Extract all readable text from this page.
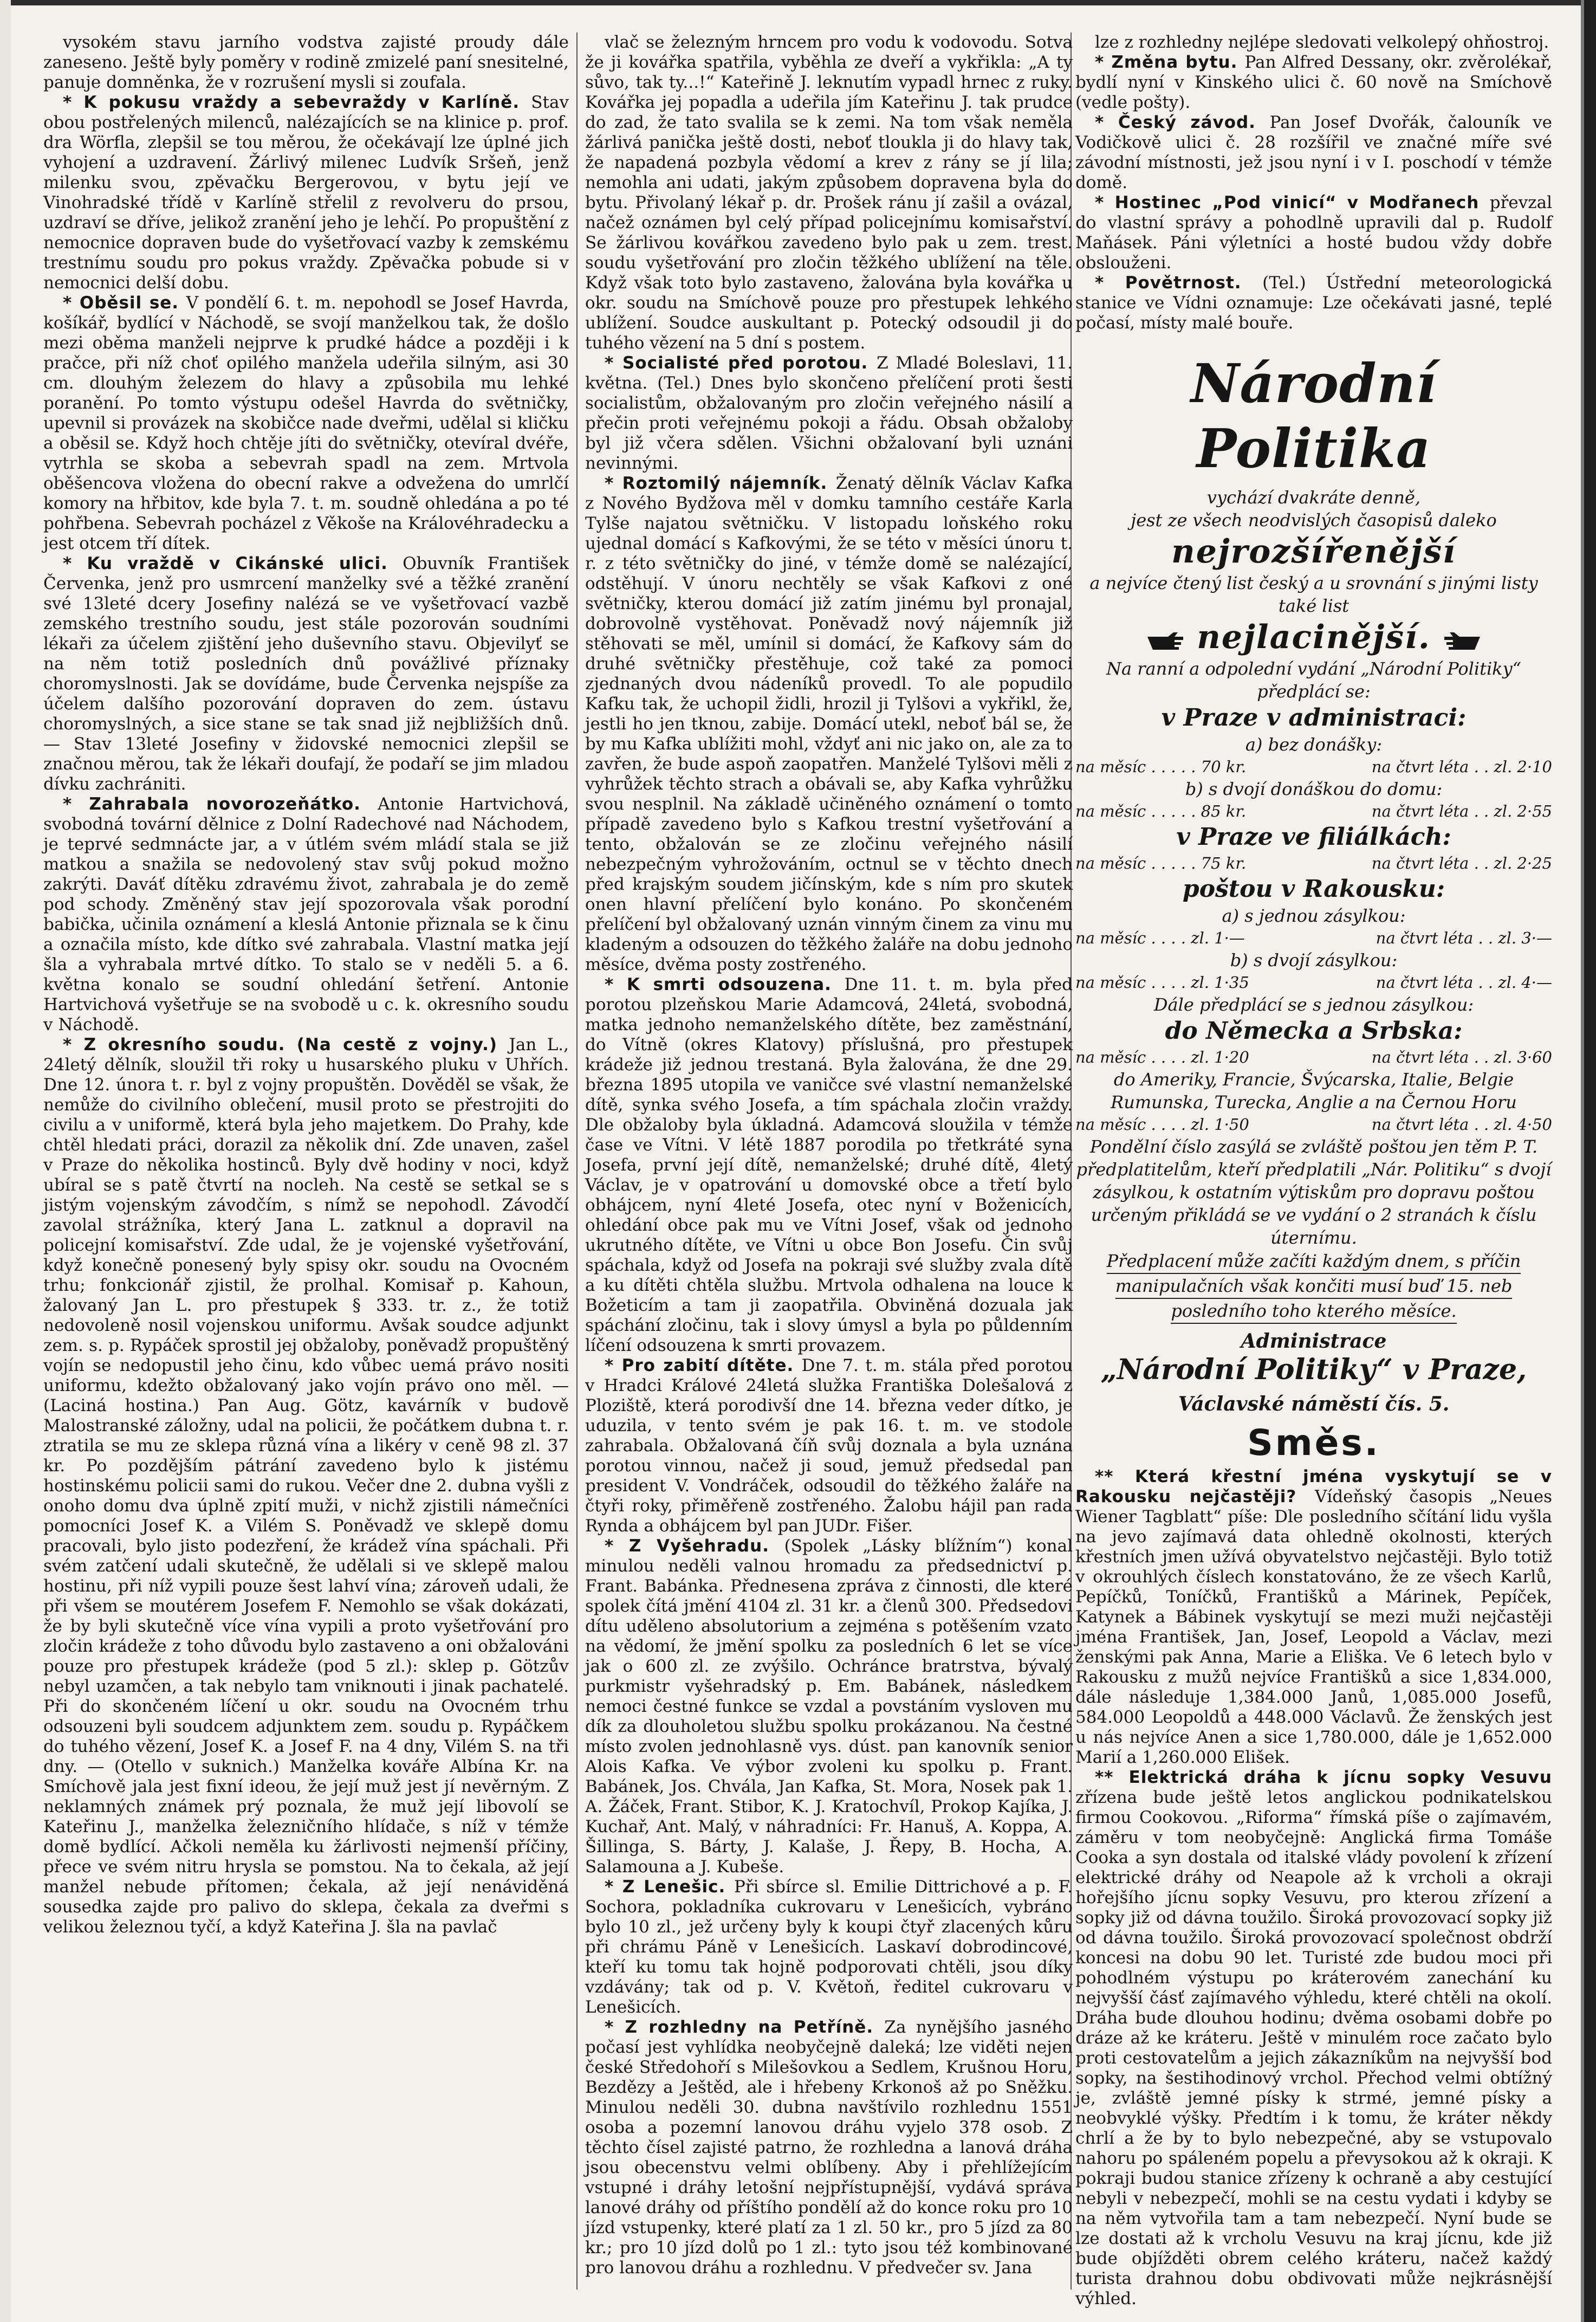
vysokém stavu jarního vodstva zajisté proudy dále zaneseno. Ještě byly poměry v rodině zmizelé paní snesitelné, panuje domněnka, že v rozrušení mysli si zoufala.

* K pokusu vraždy a sebevraždy v Karlíně. Stav obou postřelených milenců, nalézajících se na klinice p. prof. dra Wörfla, zlepšil se tou měrou, že očekávají lze úplné jich vyhojení a uzdravení. Žárlivý milenec Ludvík Sršeň, jenž milenku svou, zpěvačku Bergerovou, v bytu její ve Vinohradské třídě v Karlíně střelil z revolveru do prsou, uzdraví se dříve, jelikož zranění jeho je lehčí. Po propuštění z nemocnice dopraven bude do vyšetřovací vazby k zemskému trestnímu soudu pro pokus vraždy. Zpěvačka pobude si v nemocnici delší dobu.

* Oběsil se. V pondělí 6. t. m. nepohodl se Josef Havrda, košíkář, bydlící v Náchodě, se svojí manželkou tak, že došlo mezi oběma manželi nejprve k prudké hádce a později i k pračce, při níž choť opilého manžela udeřila silným, asi 30 cm. dlouhým železem do hlavy a způsobila mu lehké poranění. Po tomto výstupu odešel Havrda do světničky, upevnil si provázek na skobičce nade dveřmi, udělal si kličku a oběsil se. Když hoch chtěje jíti do světničky, otevíral dvéře, vytrhla se skoba a sebevrah spadl na zem. Mrtvola oběšencova vložena do obecní rakve a odvežena do umrlčí komory na hřbitov, kde byla 7. t. m. soudně ohledána a po té pohřbena. Sebevrah pocházel z Věkoše na Královéhradecku a jest otcem tří dítek.

* Ku vraždě v Cikánské ulici. Obuvník František Červenka, jenž pro usmrcení manželky své a těžké zranění své 13leté dcery Josefiny nalézá se ve vyšetřovací vazbě zemského trestního soudu, jest stále pozorován soudními lékaři za účelem zjištění jeho duševního stavu. Objevilyť se na něm totiž posledních dnů povážlivé příznaky choromyslnosti. Jak se dovídáme, bude Červenka nejspíše za účelem dalšího pozorování dopraven do zem. ústavu choromyslných, a sice stane se tak snad již nejbližších dnů. — Stav 13leté Josefiny v židovské nemocnici zlepšil se značnou měrou, tak že lékaři doufají, že podaří se jim mladou dívku zachrániti.

* Zahrabala novorozeňátko. Antonie Hartvichová, svobodná tovární dělnice z Dolní Radechové nad Náchodem, je teprvé sedmnácte jar, a v útlém svém mládí stala se již matkou a snažila se nedovolený stav svůj pokud možno zakrýti. Daváť dítěku zdravému život, zahrabala je do země pod schody. Změněný stav její spozorovala však porodní babička, učinila oznámení a kleslá Antonie přiznala se k činu a označila místo, kde dítko své zahrabala. Vlastní matka její šla a vyhrabala mrtvé dítko. To stalo se v neděli 5. a 6. května konalo se soudní ohledání šetření. Antonie Hartvichová vyšetřuje se na svobodě u c. k. okresního soudu v Náchodě.

* Z okresního soudu. (Na cestě z vojny.) Jan L., 24letý dělník, sloužil tři roky u husarského pluku v Uhřích. Dne 12. února t. r. byl z vojny propuštěn. Dověděl se však, že nemůže do civilního oblečení, musil proto se přestrojiti do civilu a v uniformě, která byla jeho majetkem. Do Prahy, kde chtěl hledati práci, dorazil za několik dní. Zde unaven, zašel v Praze do několika hostinců. Byly dvě hodiny v noci, když ubíral se s patě čtvrtí na nocleh. Na cestě se setkal se s jistým vojenským závodčím, s nímž se nepohodl. Závodčí zavolal strážníka, který Jana L. zatknul a dopravil na policejní komisařství. Zde udal, že je vojenské vyšetřování, když konečně ponesený byly spisy okr. soudu na Ovocném trhu; fonkcionář zjistil, že prolhal. Komisař p. Kahoun, žalovaný Jan L. pro přestupek § 333. tr. z., že totiž nedovoleně nosil vojenskou uniformu. Avšak soudce adjunkt zem. s. p. Rypáček sprostil jej obžaloby, poněvadž propuštěný vojín se nedopustil jeho činu, kdo vůbec uemá právo nositi uniformu, kdežto obžalovaný jako vojín právo ono měl. — (Laciná hostina.) Pan Aug. Götz, kavárník v budově Malostranské záložny, udal na policii, že počátkem dubna t. r. ztratila se mu ze sklepa různá vína a likéry v ceně 98 zl. 37 kr. Po pozdějším pátrání zavedeno bylo k jistému hostinskému policii sami do rukou. Večer dne 2. dubna vyšli z onoho domu dva úplně zpití muži, v nichž zjistili námečníci pomocníci Josef K. a Vilém S. Poněvadž ve sklepě domu pracovali, bylo jisto podezření, že krádež vína spáchali. Při svém zatčení udali skutečně, že udělali si ve sklepě malou hostinu, při níž vypili pouze šest lahví vína; zároveň udali, že při všem se moutérem Josefem F. Nemohlo se však dokázati, že by byli skutečně více vína vypili a proto vyšetřování pro zločin krádeže z toho důvodu bylo zastaveno a oni obžalováni pouze pro přestupek krádeže (pod 5 zl.): sklep p. Götzův nebyl uzamčen, a tak nebylo tam vniknouti i jinak pachatelé. Při do skončeném líčení u okr. soudu na Ovocném trhu odsouzeni byli soudcem adjunktem zem. soudu p. Rypáčkem do tuhého vězení, Josef K. a Josef F. na 4 dny, Vilém S. na tři dny. — (Otello v suknich.) Manželka kováře Albína Kr. na Smíchově jala jest fixní ideou, že její muž jest jí nevěrným. Z neklamných známek prý poznala, že muž její libovolí se Kateřinu J., manželka železničního hlídače, s níž v témže domě bydlící. Ačkoli neměla ku žárlivosti nejmenší příčiny, přece ve svém nitru hrysla se pomstou. Na to čekala, až její manžel nebude přítomen; čekala, až její nenáviděná sousedka zajde pro palivo do sklepa, čekala za dveřmi s velikou železnou tyčí, a když Kateřina J. šla na pavlač

vlač se železným hrncem pro vodu k vodovodu. Sotva že ji kovářka spatřila, vyběhla ze dveří a vykřikla: „A ty sůvo, tak ty...!“ Kateřině J. leknutím vypadl hrnec z ruky. Kovářka jej popadla a udeřila jím Kateřinu J. tak prudce do zad, že tato svalila se k zemi. Na tom však neměla žárlivá panička ještě dosti, neboť tloukla ji do hlavy tak, že napadená pozbyla vědomí a krev z rány se jí lila; nemohla ani udati, jakým způsobem dopravena byla do bytu. Přivolaný lékař p. dr. Prošek ránu jí zašil a ovázal, načež oznámen byl celý případ policejnímu komisařství. Se žárlivou kovářkou zavedeno bylo pak u zem. trest. soudu vyšetřování pro zločin těžkého ublížení na těle. Když však toto bylo zastaveno, žalována byla kovářka u okr. soudu na Smíchově pouze pro přestupek lehkého ublížení. Soudce auskultant p. Potecký odsoudil ji do tuhého vězení na 5 dní s postem.

* Socialisté před porotou. Z Mladé Boleslavi, 11. května. (Tel.) Dnes bylo skončeno přelíčení proti šesti socialistům, obžalovaným pro zločin veřejného násilí a přečin proti veřejnému pokoji a řádu. Obsah obžaloby byl již včera sdělen. Všichni obžalovaní byli uznáni nevinnými.

* Roztomilý nájemník. Ženatý dělník Václav Kafka z Nového Bydžova měl v domku tamního cestáře Karla Tylše najatou světničku. V listopadu loňského roku ujednal domácí s Kafkovými, že se této v měsíci únoru t. r. z této světničky do jiné, v témže domě se nalézající, odstěhují. V únoru nechtěly se však Kafkovi z oné světničky, kterou domácí již zatím jinému byl pronajal, dobrovolně vystěhovat. Poněvadž nový nájemník již stěhovati se měl, umínil si domácí, že Kafkovy sám do druhé světničky přestěhuje, což také za pomoci zjednaných dvou nádeníků provedl. To ale popudilo Kafku tak, že uchopil židli, hrozil ji Tylšovi a vykřikl, že, jestli ho jen tknou, zabije. Domácí utekl, neboť bál se, že by mu Kafka ublížiti mohl, vždyť ani nic jako on, ale za to zavřen, že bude aspoň zaopatřen. Manželé Tylšovi měli z vyhrůžek těchto strach a obávali se, aby Kafka vyhrůžku svou nesplnil. Na základě učiněného oznámení o tomto případě zavedeno bylo s Kafkou trestní vyšetřování a tento, obžalován se ze zločinu veřejného násilí nebezpečným vyhrožováním, octnul se v těchto dnech před krajským soudem jičínským, kde s ním pro skutek onen hlavní přelíčení bylo konáno. Po skončeném přelíčení byl obžalovaný uznán vinným činem za vinu mu kladeným a odsouzen do těžkého žaláře na dobu jednoho měsíce, dvěma posty zostřeného.

* K smrti odsouzena. Dne 11. t. m. byla před porotou plzeňskou Marie Adamcová, 24letá, svobodná, matka jednoho nemanželského dítěte, bez zaměstnání, do Vítně (okres Klatovy) příslušná, pro přestupek krádeže již jednou trestaná. Byla žalována, že dne 29. března 1895 utopila ve vaničce své vlastní nemanželské dítě, synka svého Josefa, a tím spáchala zločin vraždy. Dle obžaloby byla úkladná. Adamcová sloužila v témže čase ve Vítni. V létě 1887 porodila po třetkráté syna Josefa, první její dítě, nemanželské; druhé dítě, 4letý Václav, je v opatrování u domovské obce a třetí bylo obhájcem, nyní 4leté Josefa, otec nyní v Boženicích, ohledání obce pak mu ve Vítni Josef, však od jednoho ukrutného dítěte, ve Vítni u obce Bon Josefu. Čin svůj spáchala, když od Josefa na pokraji své služby zvala dítě a ku dítěti chtěla službu. Mrtvola odhalena na louce k Božeticím a tam ji zaopatřila. Obviněná dozuala jak spáchání zločinu, tak i slovy úmysl a byla po půldenním líčení odsouzena k smrti provazem.

* Pro zabití dítěte. Dne 7. t. m. stála před porotou v Hradci Králové 24letá služka Františka Dolešalová z Ploziště, která porodivší dne 14. března veder dítko, je uduzila, v tento svém je pak 16. t. m. ve stodole zahrabala. Obžalovaná číň svůj doznala a byla uznána porotou vinnou, načež ji soud, jemuž předsedal pan president V. Vondráček, odsoudil do těžkého žaláře na čtyři roky, přiměřeně zostřeného. Žalobu hájil pan rada Rynda a obhájcem byl pan JUDr. Fišer.

* Z Vyšehradu. (Spolek „Lásky blížním“) konal minulou neděli valnou hromadu za předsednictví p. Frant. Babánka. Přednesena zpráva z činnosti, dle které spolek čítá jmění 4104 zl. 31 kr. a členů 300. Předsedovi dítu uděleno absolutorium a zejména s potěšením vzato na vědomí, že jmění spolku za posledních 6 let se více jak o 600 zl. ze zvýšilo. Ochránce bratrstva, bývalý purkmistr vyšehradský p. Em. Babánek, následkem nemoci čestné funkce se vzdal a povstáním vysloven mu dík za dlouholetou službu spolku prokázanou. Na čestné místo zvolen jednohlasně vys. dúst. pan kanovník senior Alois Kafka. Ve výbor zvoleni ku spolku p. Frant. Babánek, Jos. Chvála, Jan Kafka, St. Mora, Nosek pak 1. A. Žáček, Frant. Stibor, K. J. Kratochvíl, Prokop Kajíka, J. Kuchař, Ant. Malý, v náhradníci: Fr. Hanuš, A. Koppa, A. Šillinga, S. Bárty, J. Kalaše, J. Řepy, B. Hocha, A. Salamouna a J. Kubeše.

* Z Lenešic. Při sbírce sl. Emilie Dittrichové a p. F. Sochora, pokladníka cukrovaru v Lenešicích, vybráno bylo 10 zl., jež určeny byly k koupi čtyř zlacených kůru při chrámu Páně v Lenešicích. Laskaví dobrodincové, kteří ku tomu tak hojně podporovati chtěli, jsou díky vzdávány; tak od p. V. Květoň, ředitel cukrovaru v Lenešicích.

* Z rozhledny na Petříně. Za nynějšího jasného počasí jest vyhlídka neobyčejně daleká; lze viděti nejen české Středohoří s Milešovkou a Sedlem, Krušnou Horu, Bezdězy a Ještěd, ale i hřebeny Krkonoš až po Sněžku. Minulou neděli 30. dubna navštívilo rozhlednu 1551 osoba a pozemní lanovou dráhu vyjelo 378 osob. Z těchto čísel zajisté patrno, že rozhledna a lanová dráha jsou obecenstvu velmi oblíbeny. Aby i přehlížejícím vstupné i dráhy letošní nejpřístupnější, vydává správa lanové dráhy od příštího pondělí až do konce roku pro 10 jízd vstupenky, které platí za 1 zl. 50 kr., pro 5 jízd za 80 kr.; pro 10 jízd dolů po 1 zl.: tyto jsou též kombinované pro lanovou dráhu a rozhlednu. V předvečer sv. Jana

lze z rozhledny nejlépe sledovati velkolepý ohňostroj.

* Změna bytu. Pan Alfred Dessany, okr. zvěrolékař, bydlí nyní v Kinského ulici č. 60 nově na Smíchově (vedle pošty).

* Český závod. Pan Josef Dvořák, čalouník ve Vodičkově ulici č. 28 rozšířil ve značné míře své závodní místnosti, jež jsou nyní i v I. poschodí v témže domě.

* Hostinec „Pod vinicí“ v Modřanech převzal do vlastní správy a pohodlně upravili dal p. Rudolf Maňásek. Páni výletníci a hosté budou vždy dobře obslouženi.

* Povětrnost. (Tel.) Ústřední meteorologická stanice ve Vídni oznamuje: Lze očekávati jasné, teplé počasí, místy malé bouře.

Národní Politika
vychází dvakráte denně,
jest ze všech neodvislých časopisů daleko
nejrozšířenější
a nejvíce čtený list český a u srovnání s jinými listy také list
nejlacinější.
Na ranní a odpolední vydání „Národní Politiky“ předplácí se:
v Praze v administraci:
a) bez donášky:
na měsíc . . . . . 70 kr.	na čtvrt léta . . zl. 2·10
b) s dvojí donáškou do domu:
na měsíc . . . . . 85 kr.	na čtvrt léta . . zl. 2·55
v Praze ve filiálkách:
na měsíc . . . . . 75 kr.	na čtvrt léta . . zl. 2·25
poštou v Rakousku:
a) s jednou zásylkou:
na měsíc . . . . zl. 1·—	na čtvrt léta . . zl. 3·—
b) s dvojí zásylkou:
na měsíc . . . . zl. 1·35	na čtvrt léta . . zl. 4·—
Dále předplácí se s jednou zásylkou:
do Německa a Srbska:
na měsíc . . . . zl. 1·20	na čtvrt léta . . zl. 3·60
do Ameriky, Francie, Švýcarska, Italie, Belgie Rumunska, Turecka, Anglie a na Černou Horu
na měsíc . . . . zl. 1·50	na čtvrt léta . . zl. 4·50
Pondělní číslo zasýlá se zvláště poštou jen těm P. T. předplatitelům, kteří předplatili „Nár. Politiku“ s dvojí zásylkou, k ostatním výtiskům pro dopravu poštou určeným přikládá se ve vydání o 2 stranách k číslu úternímu.
Předplacení může začíti každým dnem, s příčin
manipulačních však končiti musí buď 15. neb
posledního toho kterého měsíce.
Administrace
„Národní Politiky“ v Praze,
Václavské náměstí čís. 5.
Směs.

** Která křestní jména vyskytují se v Rakousku nejčastěji? Vídeňský časopis „Neues Wiener Tagblatt“ píše: Dle posledního sčítání lidu vyšla na jevo zajímavá data ohledně okolnosti, kterých křestních jmen užívá obyvatelstvo nejčastěji. Bylo totiž v okrouhlých číslech konstatováno, že ze všech Karlů, Pepíčků, Toníčků, Františků a Márinek, Pepíček, Katynek a Bábinek vyskytují se mezi muži nejčastěji jména František, Jan, Josef, Leopold a Václav, mezi ženskými pak Anna, Marie a Eliška. Ve 6 letech bylo v Rakousku z mužů nejvíce Františků a sice 1,834.000, dále následuje 1,384.000 Janů, 1,085.000 Josefů, 584.000 Leopoldů a 448.000 Václavů. Že ženských jest u nás nejvíce Anen a sice 1,780.000, dále je 1,652.000 Marií a 1,260.000 Elišek.

** Elektrická dráha k jícnu sopky Vesuvu zřízena bude ještě letos anglickou podnikatelskou firmou Cookovou. „Riforma“ římská píše o zajímavém, záměru v tom neobyčejně: Anglická firma Tomáše Cooka a syn dostala od italské vlády povolení k zřízení elektrické dráhy od Neapole až k vrcholi a okraji hořejšího jícnu sopky Vesuvu, pro kterou zřízení a sopky již od dávna toužilo. Široká provozovací sopky již od dávna toužilo. Široká provozovací společnost obdrží koncesi na dobu 90 let. Turisté zde budou moci při pohodlném výstupu po kráterovém zanechání ku nejvyšší čásť zajímavého výhledu, které chtěli na okolí. Dráha bude dlouhou hodinu; dvěma osobami dobře po dráze až ke kráteru. Ještě v minulém roce začato bylo proti cestovatelům a jejich zákazníkům na nejvyšší bod sopky, na šestihodinový vrchol. Přechod velmi obtížný je, zvláště jemné písky k strmé, jemné písky a neobvyklé výšky. Předtím i k tomu, že kráter někdy chrlí a že by to bylo nebezpečné, aby se vstupovalo nahoru po spáleném popelu a převysokou až k okraji. K pokraji budou stanice zřízeny k ochraně a aby cestující nebyli v nebezpečí, mohli se na cestu vydati i kdyby se na něm vytvořila tam a tam nebezpečí. Nyní bude se lze dostati až k vrcholu Vesuvu na kraj jícnu, kde již bude objížděti obrem celého kráteru, načež každý turista drahnou dobu obdivovati může nejkrásnější výhled.
